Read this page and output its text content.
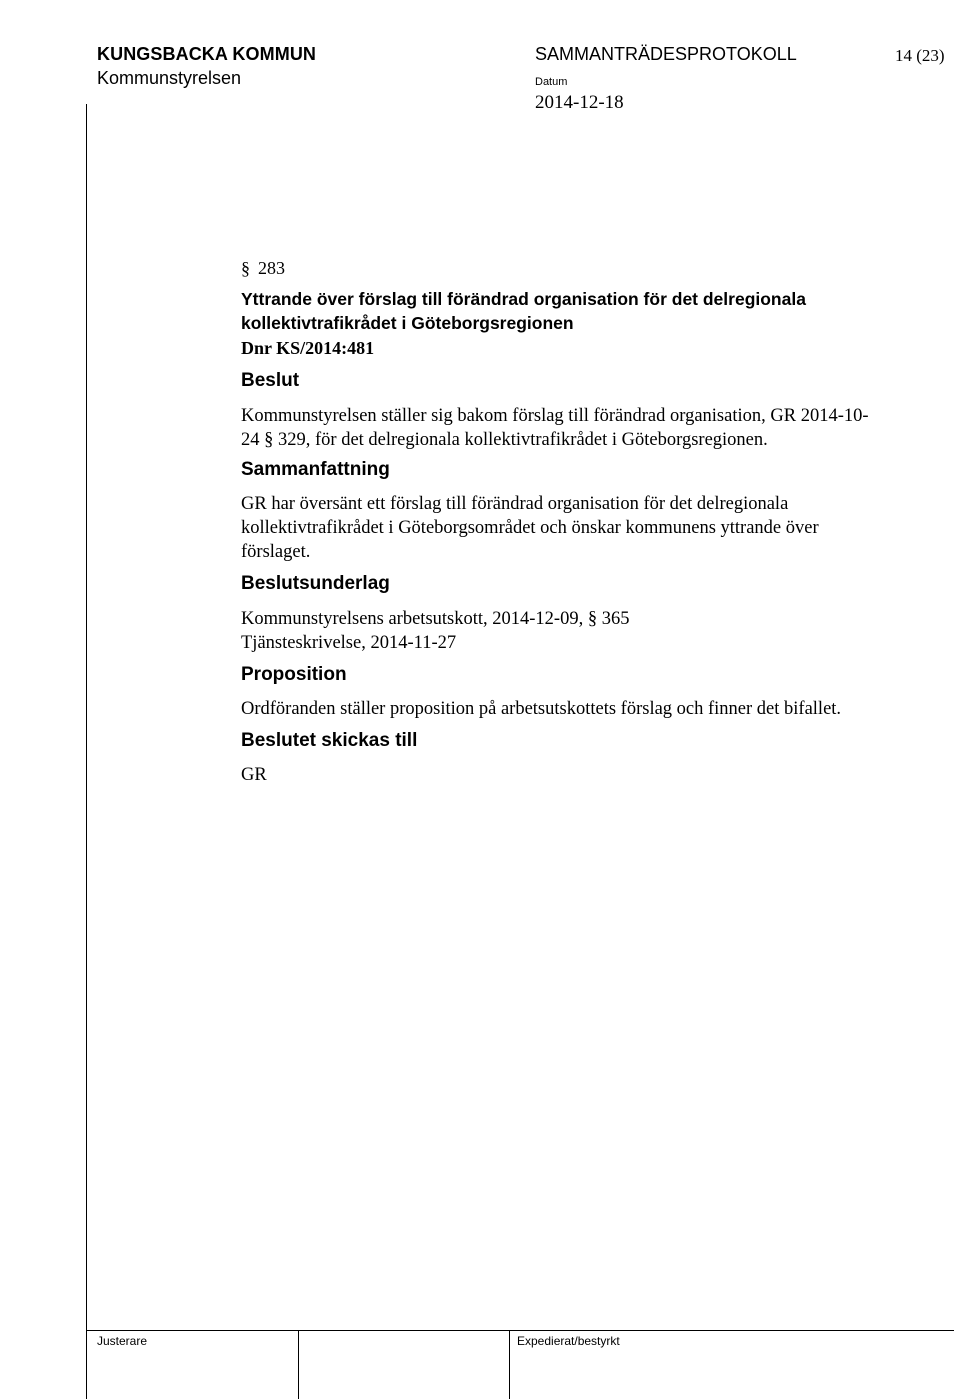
KUNGSBACKA KOMMUN
Kommunstyrelsen
SAMMANTRÄDESPROTOKOLL	14 (23)
Datum
2014-12-18

§ 283

Yttrande över förslag till förändrad organisation för det delregionala
kollektivtrafikrådet i Göteborgsregionen

Dnr KS/2014:481

Beslut

Kommunstyrelsen ställer sig bakom förslag till förändrad organisation, GR 2014-10-
24 § 329, för det delregionala kollektivtrafikrådet i Göteborgsregionen.

Sammanfattning

GR har översänt ett förslag till förändrad organisation för det delregionala
kollektivtrafikrådet i Göteborgsområdet och önskar kommunens yttrande över
förslaget.

Beslutsunderlag

Kommunstyrelsens arbetsutskott, 2014-12-09, § 365
Tjänsteskrivelse, 2014-11-27

Proposition

Ordföranden ställer proposition på arbetsutskottets förslag och finner det bifallet.

Beslutet skickas till

GR

Justerare	Expedierat/bestyrkt
